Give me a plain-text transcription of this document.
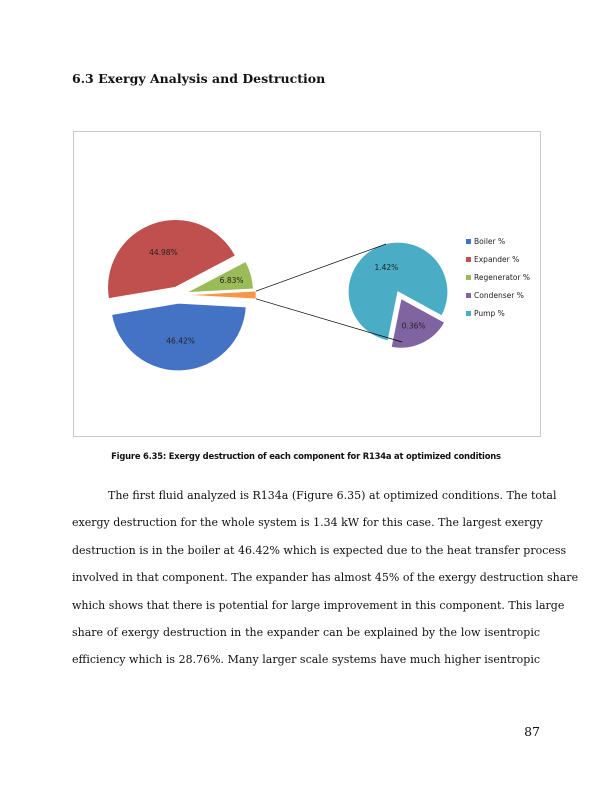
6.3 Exergy Analysis and Destruction
46.42%
44.98%
6.83%
1.42%
0.36%
Boiler %
Expander %
Regenerator %
Condenser %
Pump %
Figure 6.35: Exergy destruction of each component for R134a at optimized conditions
The first fluid analyzed is R134a (Figure 6.35) at optimized conditions. The total
exergy destruction for the whole system is 1.34 kW for this case. The largest exergy
destruction is in the boiler at 46.42% which is expected due to the heat transfer process
involved in that component. The expander has almost 45% of the exergy destruction share
which shows that there is potential for large improvement in this component. This large
share of exergy destruction in the expander can be explained by the low isentropic
efficiency which is 28.76%. Many larger scale systems have much higher isentropic
87
